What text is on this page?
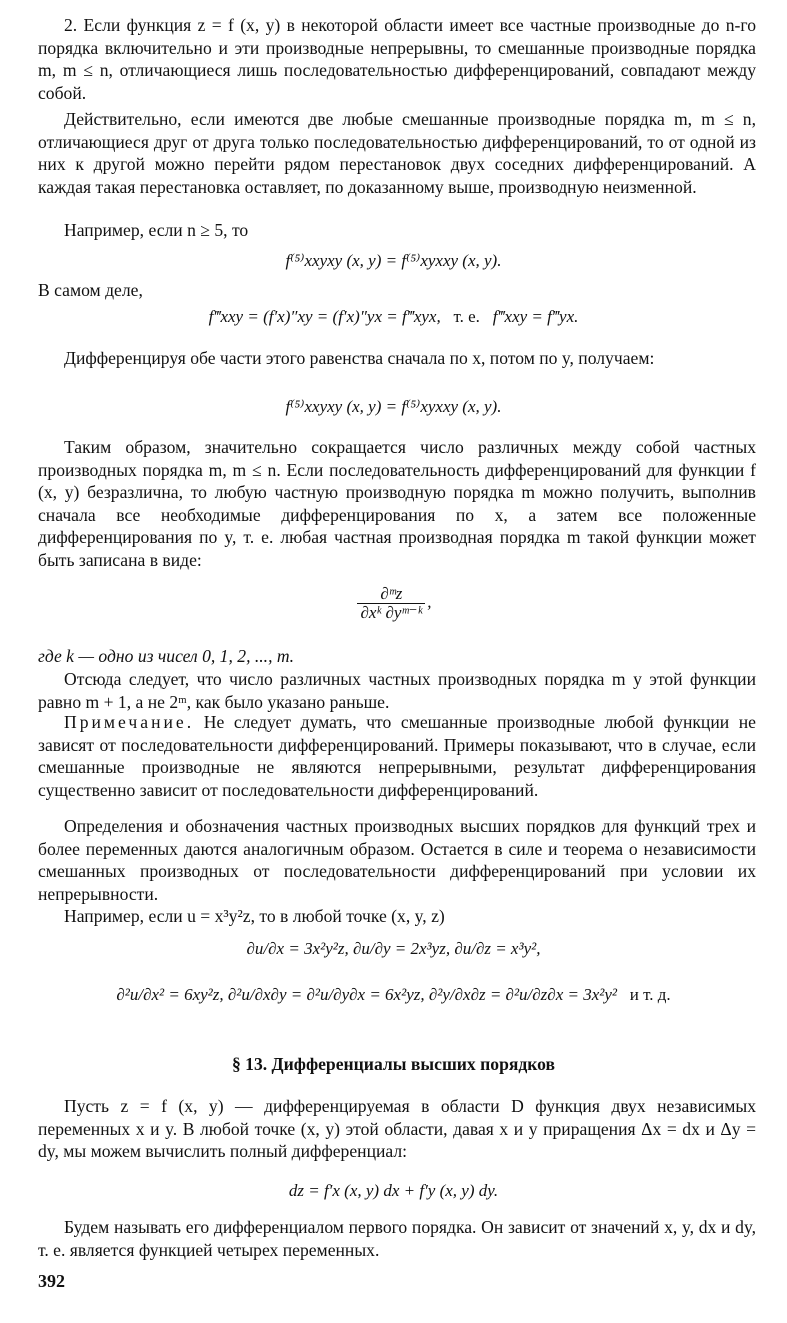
2. Если функция z = f (x, y) в некоторой области имеет все частные производные до n-го порядка включительно и эти производные непрерывны, то смешанные производные порядка m, m ≤ n, отличающиеся лишь последовательностью дифференцирований, совпадают между собой.

Действительно, если имеются две любые смешанные производные порядка m, m ≤ n, отличающиеся друг от друга только последовательностью дифференцирований, то от одной из них к другой можно перейти рядом перестановок двух соседних дифференцирований. А каждая такая перестановка оставляет, по доказанному выше, производную неизменной.

Например, если n ≥ 5, то

f⁽⁵⁾xxyxy (x, y) = f⁽⁵⁾xyxxy (x, y).
В самом деле,
f‴xxy = (f′x)″xy = (f′x)″yx = f‴xyx, т. е. f‴xxy = f‴yx.

Дифференцируя обе части этого равенства сначала по x, потом по y, получаем:

f⁽⁵⁾xxyxy (x, y) = f⁽⁵⁾xyxxy (x, y).

Таким образом, значительно сокращается число различных между собой частных производных порядка m, m ≤ n. Если последовательность дифференцирований для функции f (x, y) безразлична, то любую частную производную порядка m можно получить, выполнив сначала все необходимые дифференцирования по x, а затем все положенные дифференцирования по y, т. е. любая частная производная порядка m такой функции может быть записана в виде:

$\frac{\text{∂ᵐz}}{\text{∂xᵏ ∂yᵐ⁻ᵏ}}$ ,
где k — одно из чисел 0, 1, 2, ..., m.

Отсюда следует, что число различных частных производных порядка m у этой функции равно m + 1, а не 2ᵐ, как было указано раньше.

Примечание. Не следует думать, что смешанные производные любой функции не зависят от последовательности дифференцирований. Примеры показывают, что в случае, если смешанные производные не являются непрерывными, результат дифференцирования существенно зависит от последовательности дифференцирований.

Определения и обозначения частных производных высших порядков для функций трех и более переменных даются аналогичным образом. Остается в силе и теорема о независимости смешанных производных от последовательности дифференцирований при условии их непрерывности.

Например, если u = x³y²z, то в любой точке (x, y, z)

∂u/∂x = 3x²y²z, ∂u/∂y = 2x³yz, ∂u/∂z = x³y²,
∂²u/∂x² = 6xy²z, ∂²u/∂x∂y = ∂²u/∂y∂x = 6x²yz, ∂²y/∂x∂z = ∂²u/∂z∂x = 3x²y² и т. д.
§ 13. Дифференциалы высших порядков

Пусть z = f (x, y) — дифференцируемая в области D функция двух независимых переменных x и y. В любой точке (x, y) этой области, давая x и y приращения Δx = dx и Δy = dy, мы можем вычислить полный дифференциал:

dz = f′x (x, y) dx + f′y (x, y) dy.

Будем называть его дифференциалом первого порядка. Он зависит от значений x, y, dx и dy, т. е. является функцией четырех переменных.

392
